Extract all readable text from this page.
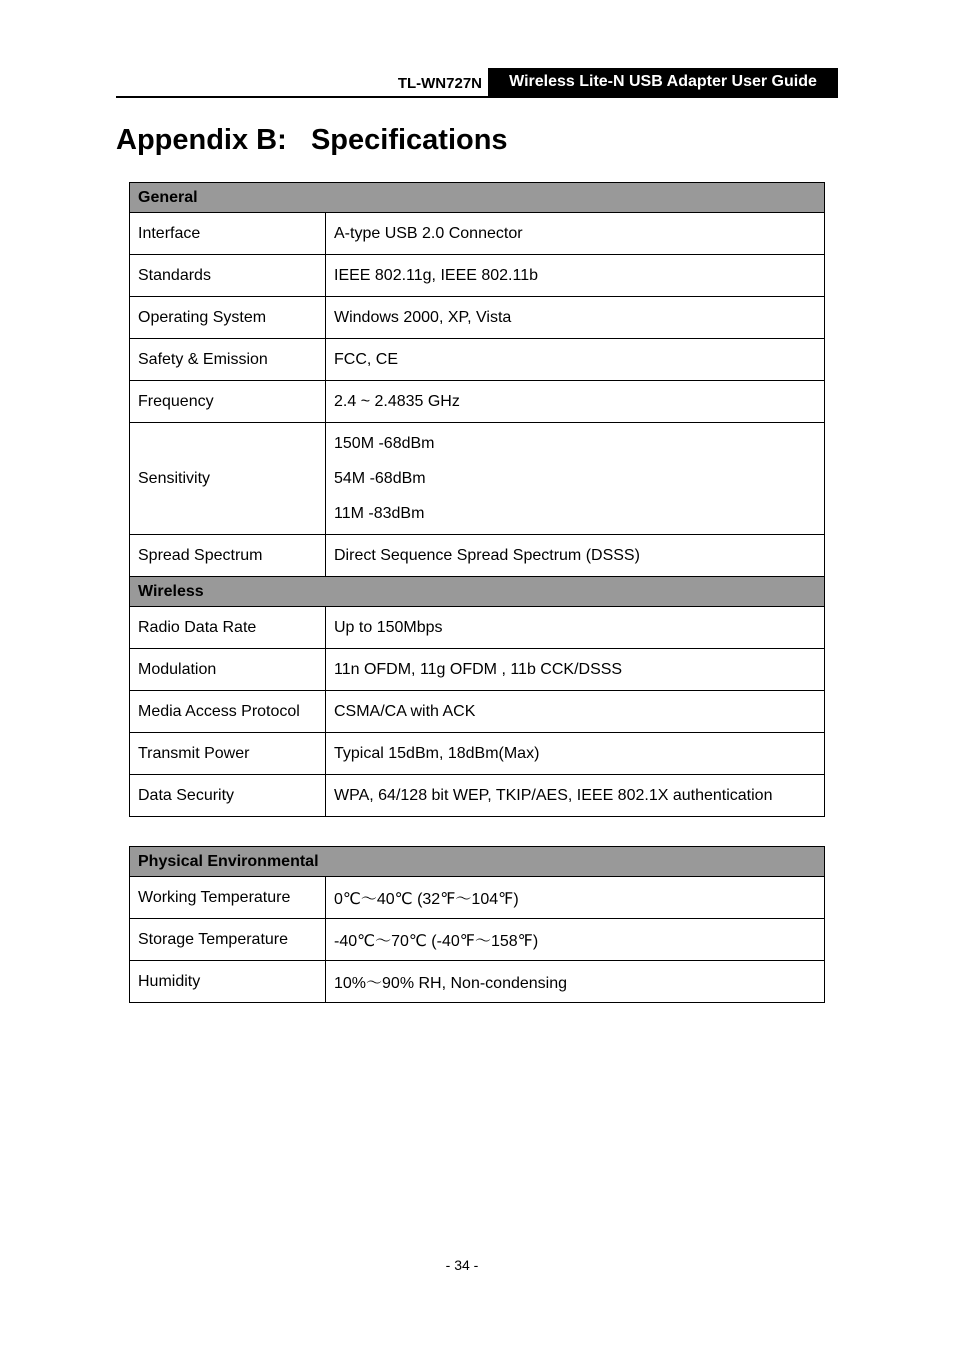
TL-WN727N	Wireless Lite-N USB Adapter User Guide
Appendix B:   Specifications
General	
Interface	A-type USB 2.0 Connector
Standards	IEEE 802.11g, IEEE 802.11b
Operating System	Windows 2000, XP, Vista
Safety & Emission	FCC, CE
Frequency	2.4 ~ 2.4835 GHz
Sensitivity	150M -68dBm
54M -68dBm
11M -83dBm

Spread Spectrum	Direct Sequence Spread Spectrum (DSSS)
Wireless	
Radio Data Rate	Up to 150Mbps
Modulation	11n OFDM, 11g OFDM , 11b CCK/DSSS
Media Access Protocol	CSMA/CA with ACK
Transmit Power	Typical 15dBm, 18dBm(Max)
Data Security	WPA, 64/128 bit WEP, TKIP/AES, IEEE 802.1X authentication
Physical Environmental	
Working Temperature	0℃～40℃ (32℉～104℉)
Storage Temperature	-40℃～70℃ (-40℉～158℉)
Humidity	10%～90% RH, Non-condensing
- 34 -
